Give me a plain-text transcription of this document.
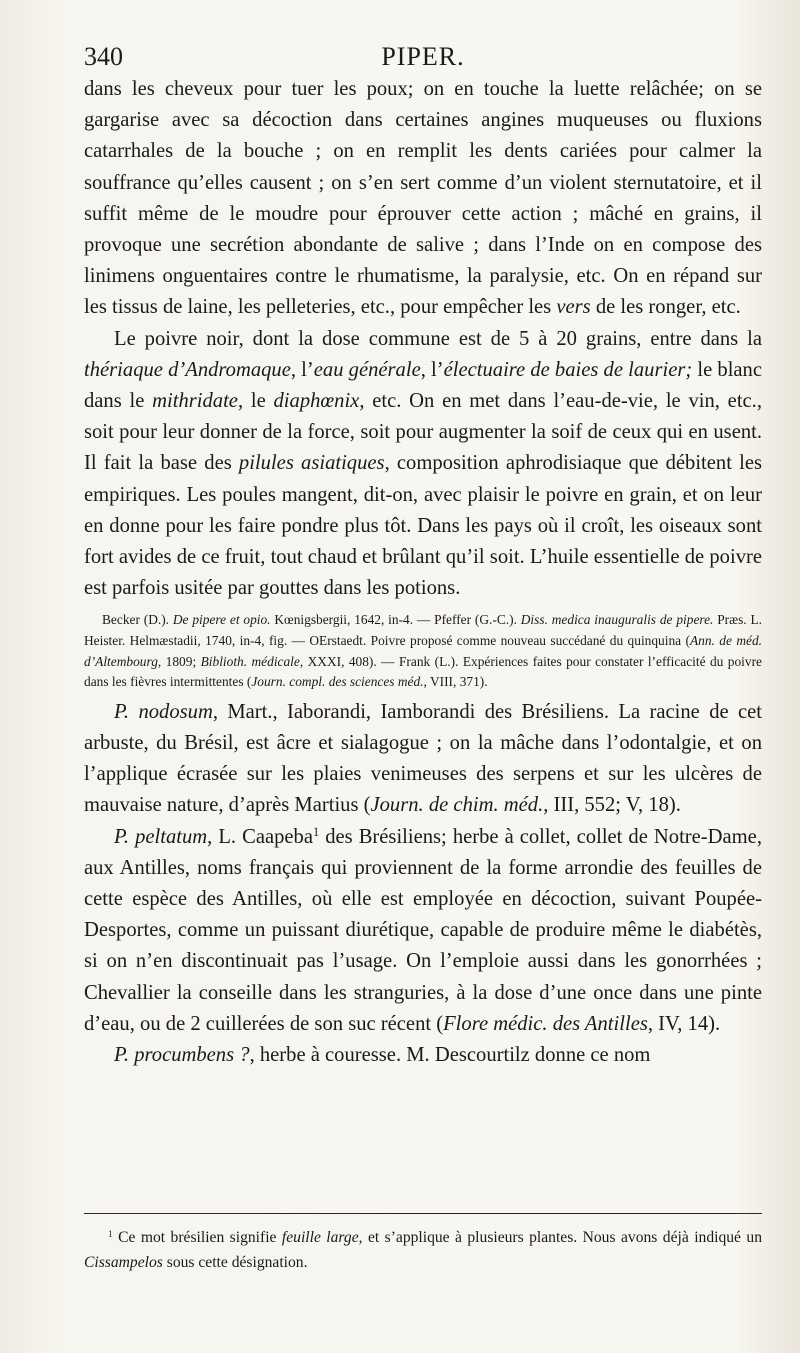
340	PIPER.

dans les cheveux pour tuer les poux; on en touche la luette relâchée; on se gargarise avec sa décoction dans certaines angines muqueuses ou fluxions catarrhales de la bouche ; on en remplit les dents cariées pour calmer la souffrance qu’elles causent ; on s’en sert comme d’un violent sternutatoire, et il suffit même de le moudre pour éprouver cette action ; mâché en grains, il provoque une secrétion abondante de salive ; dans l’Inde on en compose des linimens onguentaires contre le rhumatisme, la paralysie, etc. On en répand sur les tissus de laine, les pelleteries, etc., pour empêcher les vers de les ronger, etc.

Le poivre noir, dont la dose commune est de 5 à 20 grains, entre dans la thériaque d’Andromaque, l’eau générale, l’électuaire de baies de laurier; le blanc dans le mithridate, le diaphœnix, etc. On en met dans l’eau-de-vie, le vin, etc., soit pour leur donner de la force, soit pour augmenter la soif de ceux qui en usent. Il fait la base des pilules asiatiques, composition aphrodisiaque que débitent les empiriques. Les poules mangent, dit-on, avec plaisir le poivre en grain, et on leur en donne pour les faire pondre plus tôt. Dans les pays où il croît, les oiseaux sont fort avides de ce fruit, tout chaud et brûlant qu’il soit. L’huile essentielle de poivre est parfois usitée par gouttes dans les potions.

Becker (D.). De pipere et opio. Kœnigsbergii, 1642, in-4. — Pfeffer (G.-C.). Diss. medica inauguralis de pipere. Præs. L. Heister. Helmæstadii, 1740, in-4, fig. — OErstaedt. Poivre proposé comme nouveau succédané du quinquina (Ann. de méd. d’Altembourg, 1809; Biblioth. médicale, XXXI, 408). — Frank (L.). Expériences faites pour constater l’efficacité du poivre dans les fièvres intermittentes (Journ. compl. des sciences méd., VIII, 371).

P. nodosum, Mart., Iaborandi, Iamborandi des Brésiliens. La racine de cet arbuste, du Brésil, est âcre et sialagogue ; on la mâche dans l’odontalgie, et on l’applique écrasée sur les plaies venimeuses des serpens et sur les ulcères de mauvaise nature, d’après Martius (Journ. de chim. méd., III, 552; V, 18).

P. peltatum, L. Caapeba$^1$ des Brésiliens; herbe à collet, collet de Notre-Dame, aux Antilles, noms français qui proviennent de la forme arrondie des feuilles de cette espèce des Antilles, où elle est employée en décoction, suivant Poupée-Desportes, comme un puissant diurétique, capable de produire même le diabétès, si on n’en discontinuait pas l’usage. On l’emploie aussi dans les gonorrhées ; Chevallier la conseille dans les stranguries, à la dose d’une once dans une pinte d’eau, ou de 2 cuillerées de son suc récent (Flore médic. des Antilles, IV, 14).

P. procumbens ?, herbe à couresse. M. Descourtilz donne ce nom

$^1$ Ce mot brésilien signifie feuille large, et s’applique à plusieurs plantes. Nous avons déjà indiqué un Cissampelos sous cette désignation.
